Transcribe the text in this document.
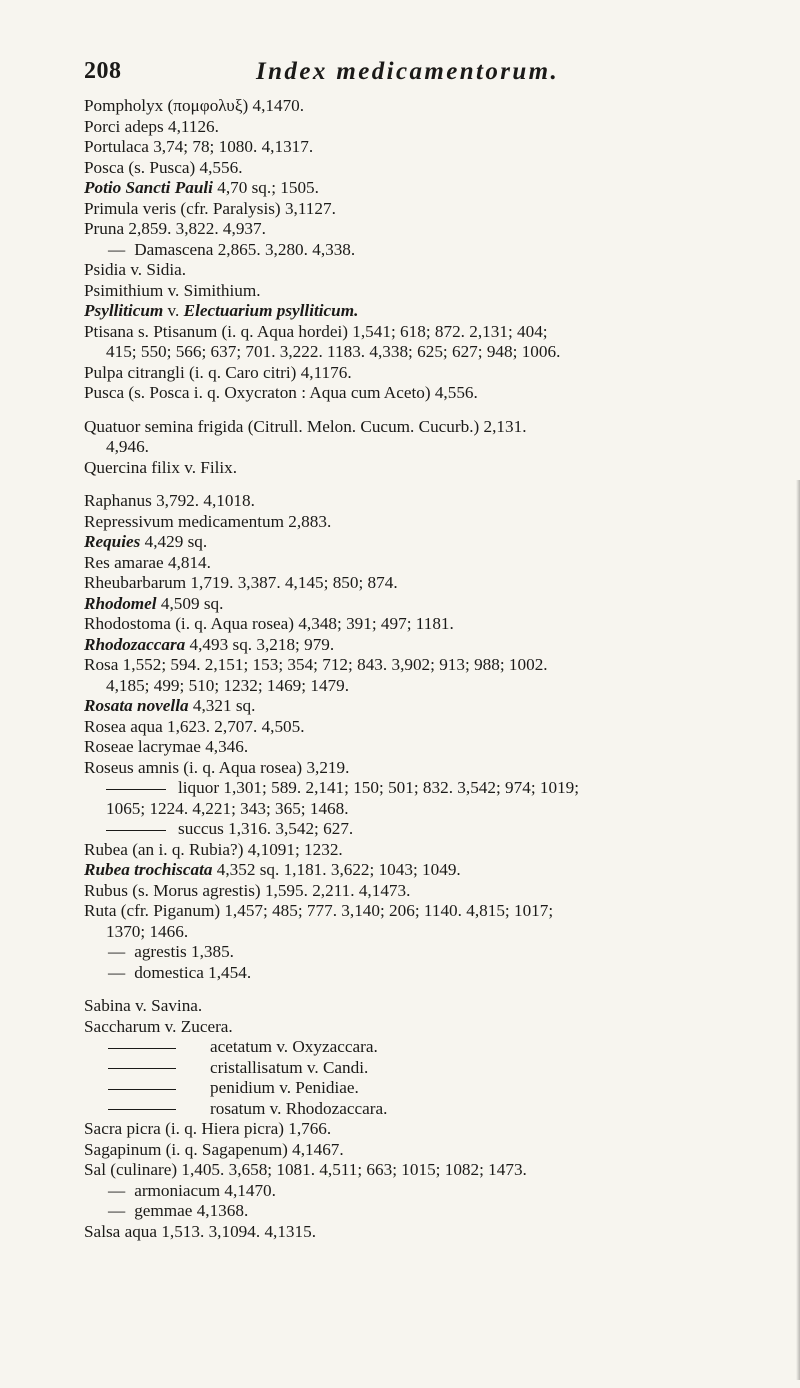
208	Index medicamentorum.
Pompholyx (πομφολυξ) 4,1470.
Porci adeps 4,1126.
Portulaca 3,74; 78; 1080. 4,1317.
Posca (s. Pusca) 4,556.
Potio Sancti Pauli 4,70 sq.; 1505.
Primula veris (cfr. Paralysis) 3,1127.
Pruna 2,859. 3,822. 4,937.
— Damascena 2,865. 3,280. 4,338.
Psidia v. Sidia.
Psimithium v. Simithium.
Psylliticum v. Electuarium psylliticum.
Ptisana s. Ptisanum (i. q. Aqua hordei) 1,541; 618; 872. 2,131; 404;
415; 550; 566; 637; 701. 3,222. 1183. 4,338; 625; 627; 948; 1006.
Pulpa citrangli (i. q. Caro citri) 4,1176.
Pusca (s. Posca i. q. Oxycraton : Aqua cum Aceto) 4,556.
Quatuor semina frigida (Citrull. Melon. Cucum. Cucurb.) 2,131.
4,946.
Quercina filix v. Filix.
Raphanus 3,792. 4,1018.
Repressivum medicamentum 2,883.
Requies 4,429 sq.
Res amarae 4,814.
Rheubarbarum 1,719. 3,387. 4,145; 850; 874.
Rhodomel 4,509 sq.
Rhodostoma (i. q. Aqua rosea) 4,348; 391; 497; 1181.
Rhodozaccara 4,493 sq. 3,218; 979.
Rosa 1,552; 594. 2,151; 153; 354; 712; 843. 3,902; 913; 988; 1002.
4,185; 499; 510; 1232; 1469; 1479.
Rosata novella 4,321 sq.
Rosea aqua 1,623. 2,707. 4,505.
Roseae lacrymae 4,346.
Roseus amnis (i. q. Aqua rosea) 3,219.
liquor 1,301; 589. 2,141; 150; 501; 832. 3,542; 974; 1019;
1065; 1224. 4,221; 343; 365; 1468.
succus 1,316. 3,542; 627.
Rubea (an i. q. Rubia?) 4,1091; 1232.
Rubea trochiscata 4,352 sq. 1,181. 3,622; 1043; 1049.
Rubus (s. Morus agrestis) 1,595. 2,211. 4,1473.
Ruta (cfr. Piganum) 1,457; 485; 777. 3,140; 206; 1140. 4,815; 1017;
1370; 1466.
— agrestis 1,385.
— domestica 1,454.
Sabina v. Savina.
Saccharum v. Zucera.
acetatum v. Oxyzaccara.
cristallisatum v. Candi.
penidium v. Penidiae.
rosatum v. Rhodozaccara.
Sacra picra (i. q. Hiera picra) 1,766.
Sagapinum (i. q. Sagapenum) 4,1467.
Sal (culinare) 1,405. 3,658; 1081. 4,511; 663; 1015; 1082; 1473.
— armoniacum 4,1470.
— gemmae 4,1368.
Salsa aqua 1,513. 3,1094. 4,1315.
